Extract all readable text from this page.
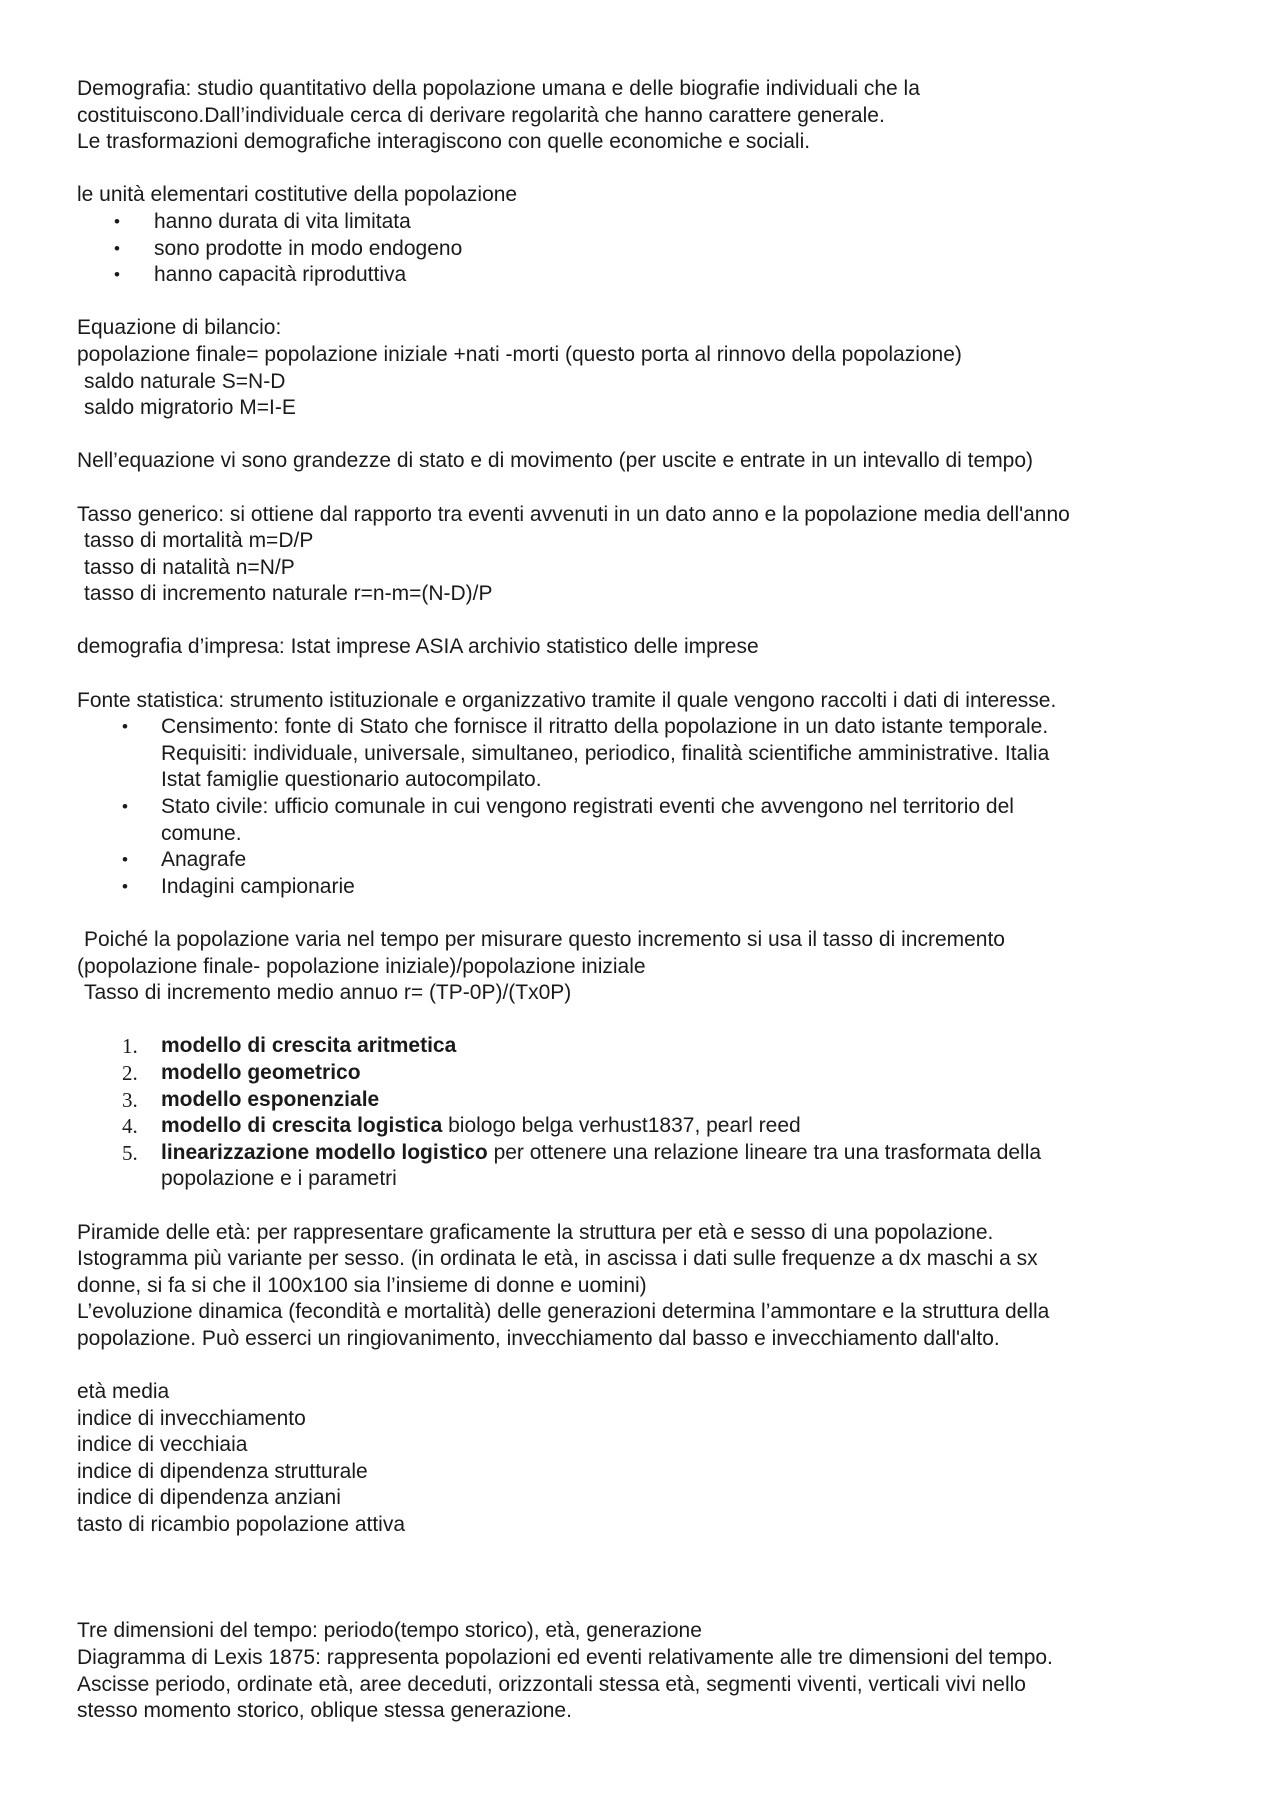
Demografia: studio quantitativo della popolazione umana e delle biografie individuali che la

costituiscono.Dall’individuale cerca di derivare regolarità che hanno carattere generale.

Le trasformazioni demografiche interagiscono con quelle economiche e sociali.

le unità elementari costitutive della popolazione

• hanno durata di vita limitata
• sono prodotte in modo endogeno
• hanno capacità riproduttiva

Equazione di bilancio:

popolazione finale= popolazione iniziale +nati -morti (questo porta al rinnovo della popolazione)

saldo naturale S=N-D

saldo migratorio M=I-E

Nell’equazione vi sono grandezze di stato e di movimento (per uscite e entrate in un intevallo di tempo)

Tasso generico: si ottiene dal rapporto tra eventi avvenuti in un dato anno e la popolazione media dell'anno

tasso di mortalità m=D/P

tasso di natalità n=N/P

tasso di incremento naturale r=n-m=(N-D)/P

demografia d’impresa: Istat imprese ASIA archivio statistico delle imprese

Fonte statistica: strumento istituzionale e organizzativo tramite il quale vengono raccolti i dati di interesse.

• Censimento: fonte di Stato che fornisce il ritratto della popolazione in un dato istante temporale.
Requisiti: individuale, universale, simultaneo, periodico, finalità scientifiche amministrative. Italia
Istat famiglie questionario autocompilato.
• Stato civile: ufficio comunale in cui vengono registrati eventi che avvengono nel territorio del
comune.
• Anagrafe
• Indagini campionarie

Poiché la popolazione varia nel tempo per misurare questo incremento si usa il tasso di incremento

(popolazione finale- popolazione iniziale)/popolazione iniziale

Tasso di incremento medio annuo r= (TP-0P)/(Tx0P)

1. modello di crescita aritmetica
2. modello geometrico
3. modello esponenziale
4. modello di crescita logistica biologo belga verhust1837, pearl reed
5. linearizzazione modello logistico per ottenere una relazione lineare tra una trasformata della
popolazione e i parametri

Piramide delle età: per rappresentare graficamente la struttura per età e sesso di una popolazione.

Istogramma più variante per sesso. (in ordinata le età, in ascissa i dati sulle frequenze a dx maschi a sx

donne, si fa si che il 100x100 sia l’insieme di donne e uomini)

L’evoluzione dinamica (fecondità e mortalità) delle generazioni determina l’ammontare e la struttura della

popolazione. Può esserci un ringiovanimento, invecchiamento dal basso e invecchiamento dall'alto.

età media

indice di invecchiamento

indice di vecchiaia

indice di dipendenza strutturale

indice di dipendenza anziani

tasto di ricambio popolazione attiva

Tre dimensioni del tempo: periodo(tempo storico), età, generazione

Diagramma di Lexis 1875: rappresenta popolazioni ed eventi relativamente alle tre dimensioni del tempo.

Ascisse periodo, ordinate età, aree deceduti, orizzontali stessa età, segmenti viventi, verticali vivi nello

stesso momento storico, oblique stessa generazione.
